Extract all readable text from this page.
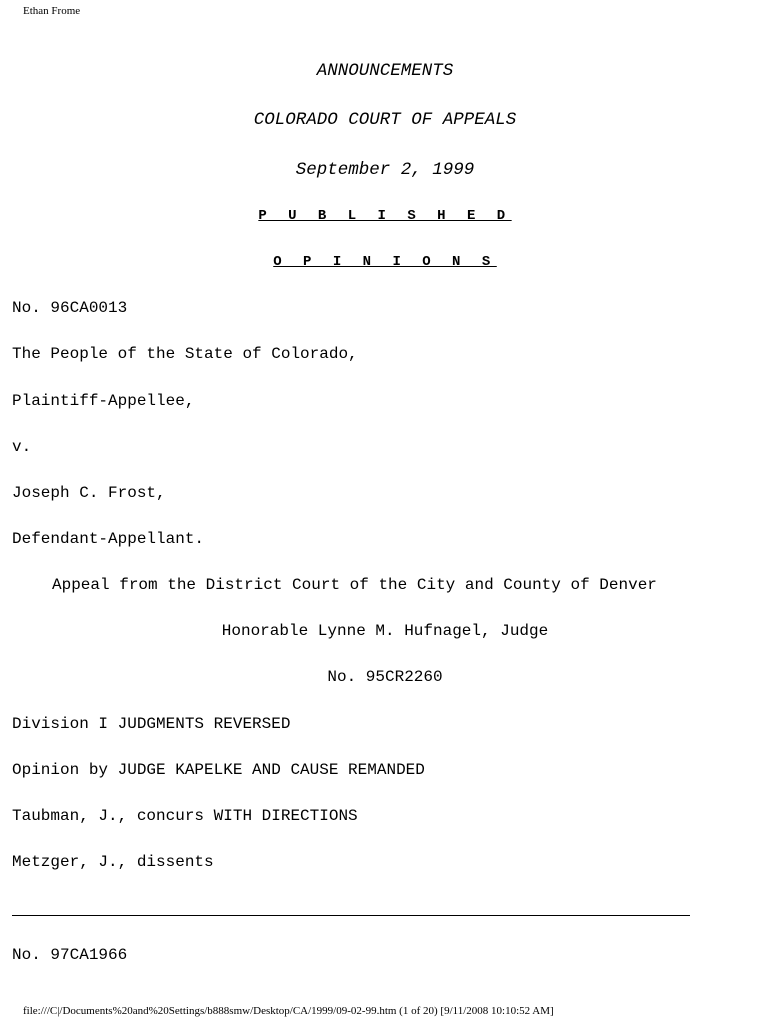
Ethan Frome
ANNOUNCEMENTS
COLORADO COURT OF APPEALS
September 2, 1999
P U B L I S H E D
O P I N I O N S
No. 96CA0013
The People of the State of Colorado,
Plaintiff-Appellee,
v.
Joseph C. Frost,
Defendant-Appellant.
Appeal from the District Court of the City and County of Denver
Honorable Lynne M. Hufnagel, Judge
No. 95CR2260
Division I JUDGMENTS REVERSED
Opinion by JUDGE KAPELKE AND CAUSE REMANDED
Taubman, J., concurs WITH DIRECTIONS
Metzger, J., dissents
No. 97CA1966
file:///C|/Documents%20and%20Settings/b888smw/Desktop/CA/1999/09-02-99.htm (1 of 20) [9/11/2008 10:10:52 AM]
